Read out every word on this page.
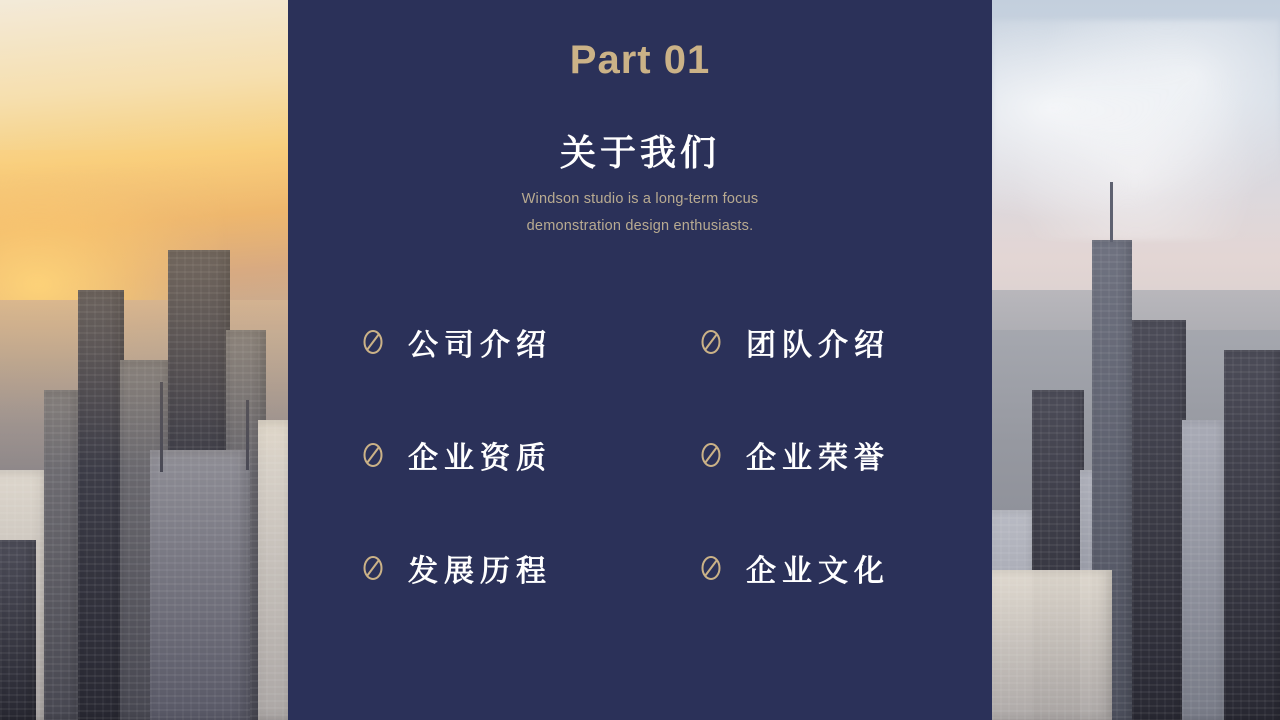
Part 01
关于我们
Windson studio is a long-term focus
demonstration design enthusiasts.
公司介绍	团队介绍
企业资质	企业荣誉
发展历程	企业文化
